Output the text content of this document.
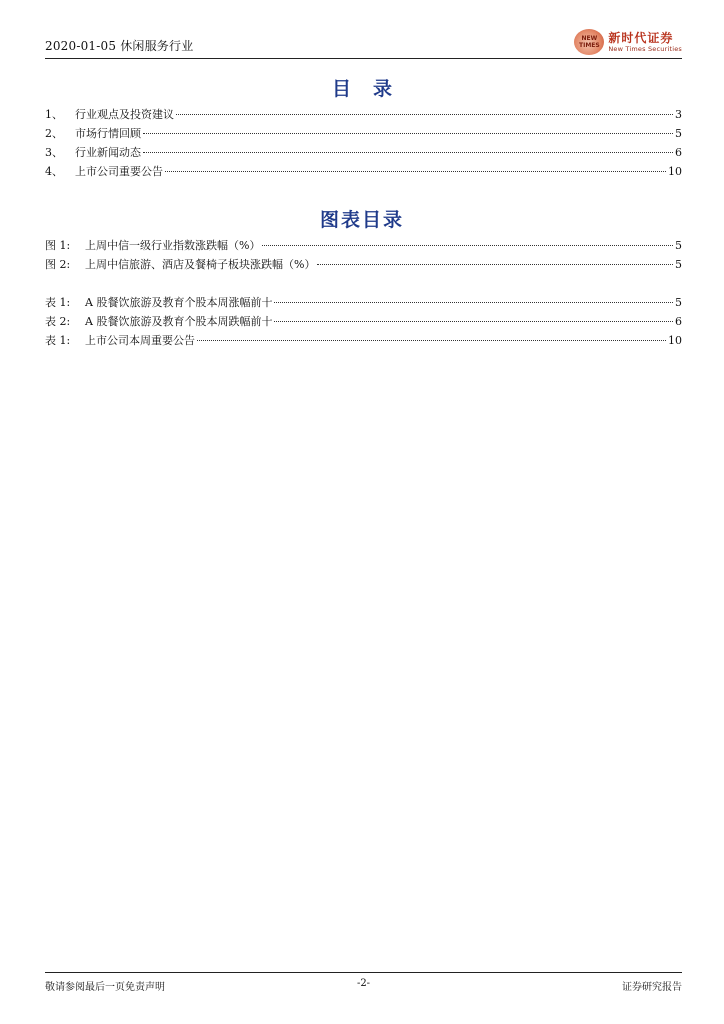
2020-01-05 休闲服务行业
NEW
TIMES
新时代证券
New Times Securities
目录
1、	行业观点及投资建议	3
2、	市场行情回顾	5
3、	行业新闻动态	6
4、	上市公司重要公告	10
图表目录
图 1:	上周中信一级行业指数涨跌幅（%）	5
图 2:	上周中信旅游、酒店及餐椅子板块涨跌幅（%）	5
表 1:	A 股餐饮旅游及教育个股本周涨幅前十	5
表 2:	A 股餐饮旅游及教育个股本周跌幅前十	6
表 1:	上市公司本周重要公告	10
敬请参阅最后一页免责声明	-2-	证券研究报告
